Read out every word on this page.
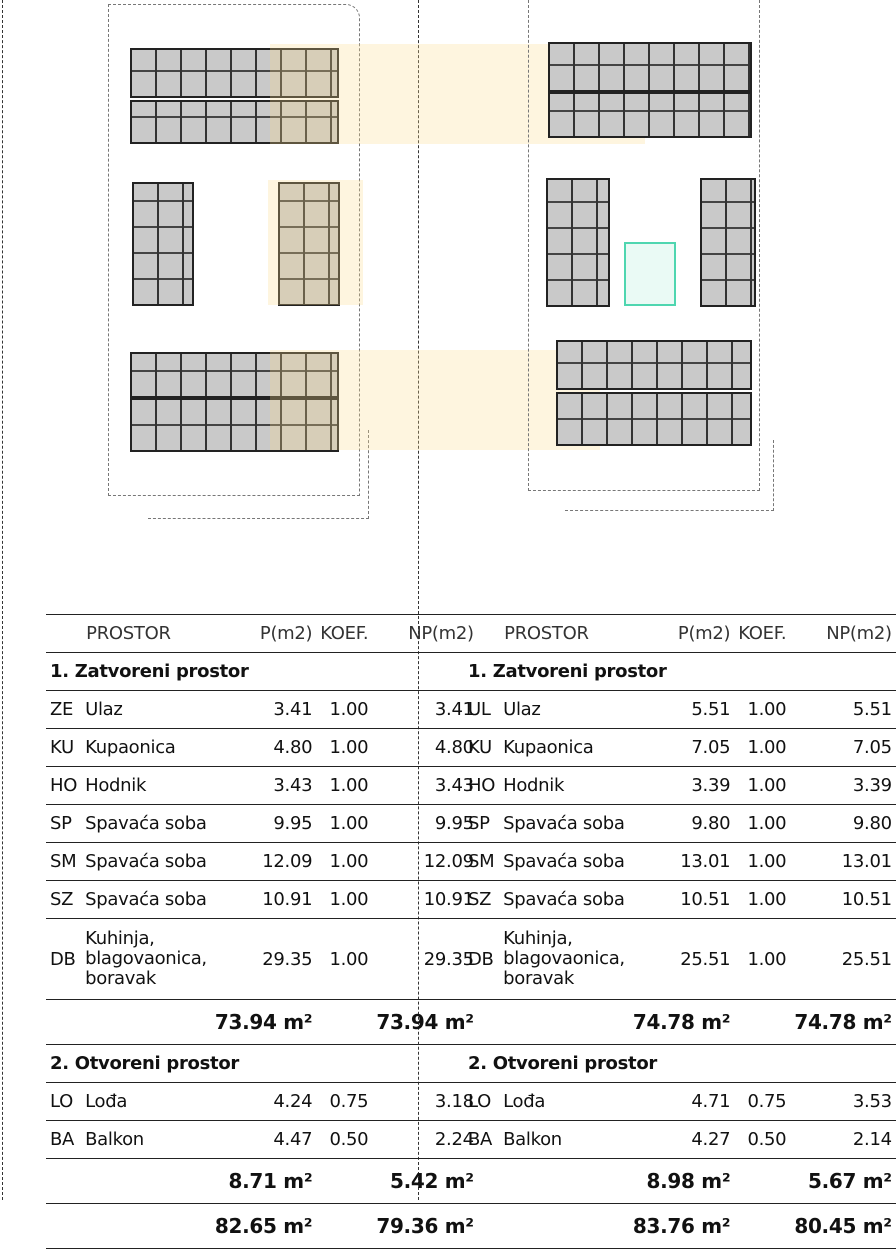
PROSTOR		P(m2)	KOEF.	NP(m2)
1. Zatvoreni prostor				
ZE	Ulaz	3.41	1.00	3.41
KU	Kupaonica	4.80	1.00	4.80
HO	Hodnik	3.43	1.00	3.43
SP	Spavaća soba	9.95	1.00	9.95
SM	Spavaća soba	12.09	1.00	12.09
SZ	Spavaća soba	10.91	1.00	10.91
DB	Kuhinja, blagovaonica, boravak	29.35	1.00	29.35
		73.94 m²		73.94 m²
2. Otvoreni prostor				
LO	Lođa	4.24	0.75	3.18
BA	Balkon	4.47	0.50	2.24
		8.71 m²		5.42 m²
		82.65 m²		79.36 m²
PROSTOR		P(m2)	KOEF.	NP(m2)
1. Zatvoreni prostor				
UL	Ulaz	5.51	1.00	5.51
KU	Kupaonica	7.05	1.00	7.05
HO	Hodnik	3.39	1.00	3.39
SP	Spavaća soba	9.80	1.00	9.80
SM	Spavaća soba	13.01	1.00	13.01
SZ	Spavaća soba	10.51	1.00	10.51
DB	Kuhinja, blagovaonica, boravak	25.51	1.00	25.51
		74.78 m²		74.78 m²
2. Otvoreni prostor				
LO	Lođa	4.71	0.75	3.53
BA	Balkon	4.27	0.50	2.14
		8.98 m²		5.67 m²
		83.76 m²		80.45 m²
